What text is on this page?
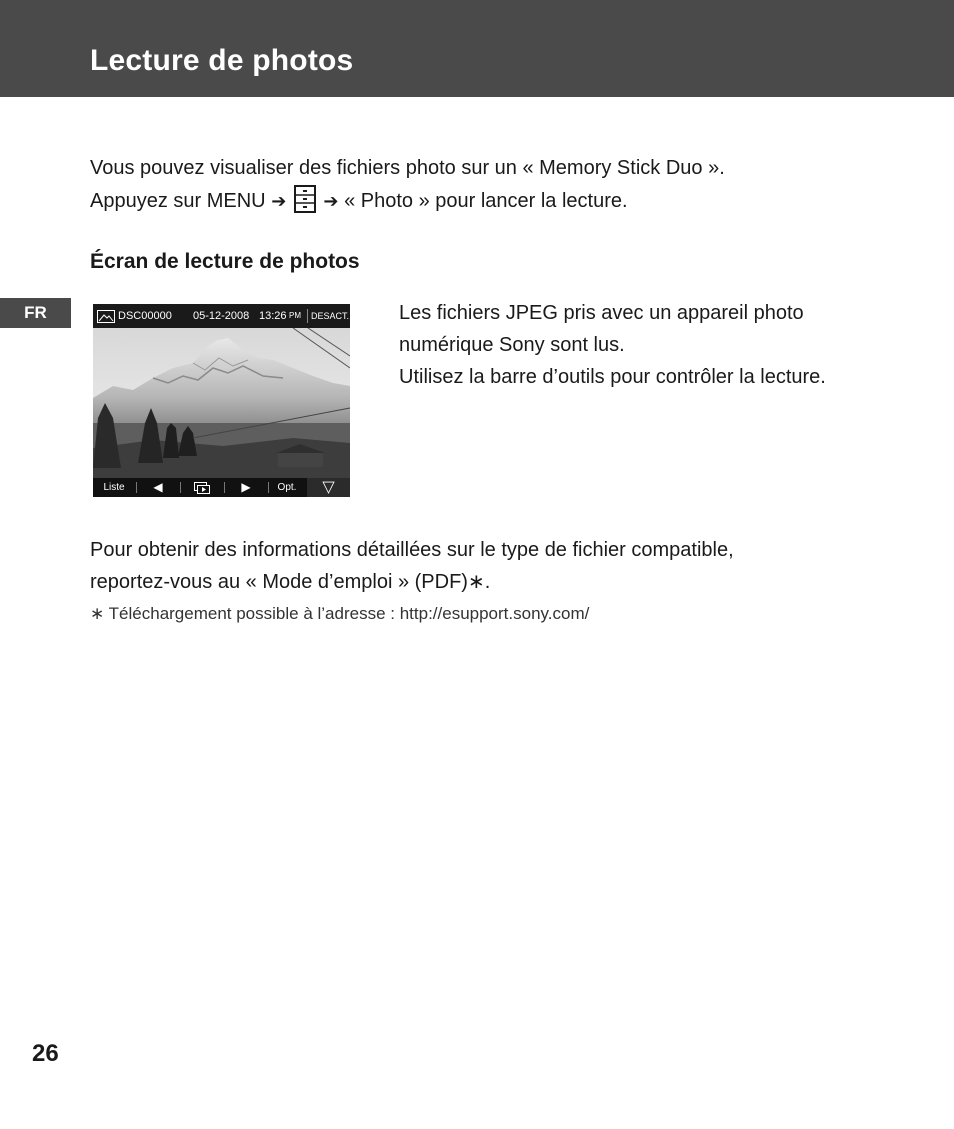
Lecture de photos

Vous pouvez visualiser des fichiers photo sur un « Memory Stick Duo ».

Appuyez sur MENU ➔ ➔ « Photo » pour lancer la lecture.

Écran de lecture de photos
FR	DSC00000 05-12-2008 13:26 PM DESACT.
Liste	◀	▶	Opt.	▽

Les fichiers JPEG pris avec un appareil photo

numérique Sony sont lus.

Utilisez la barre d’outils pour contrôler la lecture.

Pour obtenir des informations détaillées sur le type de fichier compatible,

reportez-vous au « Mode d’emploi » (PDF)∗.

∗ Téléchargement possible à l’adresse : http://esupport.sony.com/
26
